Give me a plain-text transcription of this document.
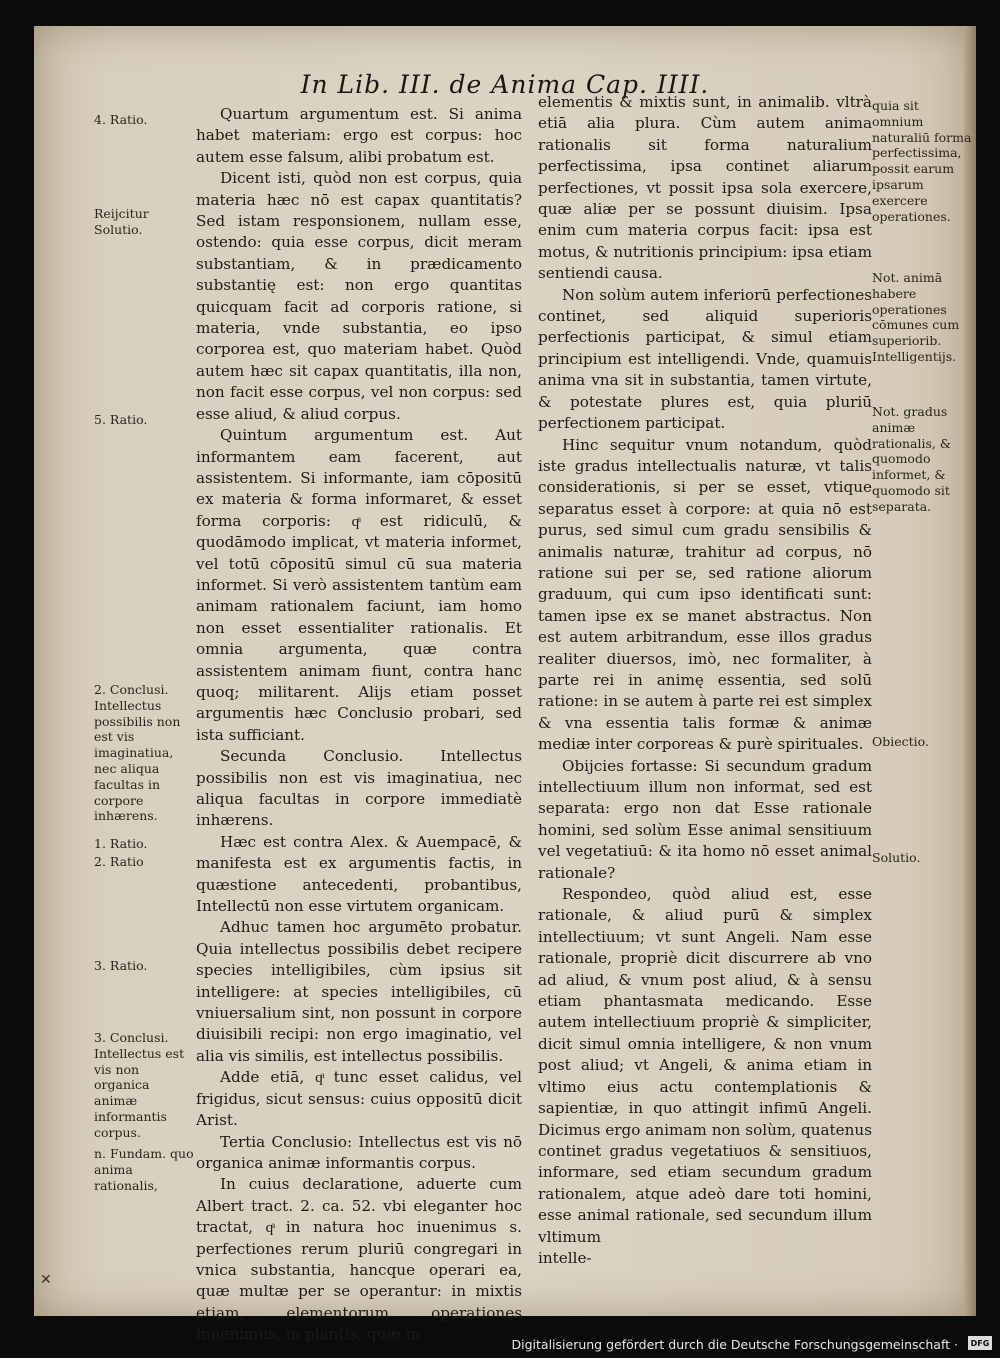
In Lib. III. de Anima Cap. IIII.

Quartum argumentum est. Si anima habet materiam: ergo est corpus: hoc autem esse falsum, alibi probatum est.

Dicent isti, quòd non est corpus, quia materia hæc nō est capax quantitatis? Sed istam responsionem, nullam esse, ostendo: quia esse corpus, dicit meram substantiam, & in prædicamento substantię est: non ergo quantitas quicquam facit ad corporis ratione, si materia, vnde substantia, eo ipso corporea est, quo materiam habet. Quòd autem hæc sit capax quantitatis, illa non, non facit esse corpus, vel non corpus: sed esse aliud, & aliud corpus.

Quintum argumentum est. Aut informantem eam facerent, aut assistentem. Si informante, iam cōpositū ex materia & forma informaret, & esset forma corporis: qͣ est ridiculū, & quodāmodo implicat, vt materia informet, vel totū cōpositū simul cū sua materia informet. Si verò assistentem tantùm eam animam rationalem faciunt, iam homo non esset essentialiter rationalis. Et omnia argumenta, quæ contra assistentem animam fiunt, contra hanc quoq; militarent. Alijs etiam posset argumentis hæc Conclusio probari, sed ista sufficiant.

Secunda Conclusio. Intellectus possibilis non est vis imaginatiua, nec aliqua facultas in corpore immediatè inhærens.

Hæc est contra Alex. & Auempacē, & manifesta est ex argumentis factis, in quæstione antecedenti, probantibus, Intellectū non esse virtutem organicam.

Adhuc tamen hoc argumēto probatur. Quia intellectus possibilis debet recipere species intelligibiles, cùm ipsius sit intelligere: at species intelligibiles, cū vniuersalium sint, non possunt in corpore diuisibili recipi: non ergo imaginatio, vel alia vis similis, est intellectus possibilis.

Adde etiā, qͣ tunc esset calidus, vel frigidus, sicut sensus: cuius oppositū dicit Arist.

Tertia Conclusio: Intellectus est vis nō organica animæ informantis corpus.

In cuius declaratione, aduerte cum Albert tract. 2. ca. 52. vbi eleganter hoc tractat, qͣ in natura hoc inuenimus s. perfectiones rerum pluriū congregari in vnica substantia, hancque operari ea, quæ multæ per se operantur: in mixtis etiam, elementorum operationes inuenimus, in plantis, quæ in

elementis & mixtis sunt, in animalib. vltrà etiā alia plura. Cùm autem anima rationalis sit forma naturalium perfectissima, ipsa continet aliarum perfectiones, vt possit ipsa sola exercere, quæ aliæ per se possunt diuisim. Ipsa enim cum materia corpus facit: ipsa est motus, & nutritionis principium: ipsa etiam sentiendi causa.

Non solùm autem inferiorū perfectiones continet, sed aliquid superioris perfectionis participat, & simul etiam principium est intelligendi. Vnde, quamuis anima vna sit in substantia, tamen virtute, & potestate plures est, quia pluriū perfectionem participat.

Hinc sequitur vnum notandum, quòd iste gradus intellectualis naturæ, vt talis considerationis, si per se esset, vtique separatus esset à corpore: at quia nō est purus, sed simul cum gradu sensibilis & animalis naturæ, trahitur ad corpus, nō ratione sui per se, sed ratione aliorum graduum, qui cum ipso identificati sunt: tamen ipse ex se manet abstractus. Non est autem arbitrandum, esse illos gradus realiter diuersos, imò, nec formaliter, à parte rei in animę essentia, sed solū ratione: in se autem à parte rei est simplex & vna essentia talis formæ & animæ mediæ inter corporeas & purè spirituales.

Obijcies fortasse: Si secundum gradum intellectiuum illum non informat, sed est separata: ergo non dat Esse rationale homini, sed solùm Esse animal sensitiuum vel vegetatiuū: & ita homo nō esset animal rationale?

Respondeo, quòd aliud est, esse rationale, & aliud purū & simplex intellectiuum; vt sunt Angeli. Nam esse rationale, propriè dicit discurrere ab vno ad aliud, & vnum post aliud, & à sensu etiam phantasmata medicando. Esse autem intellectiuum propriè & simpliciter, dicit simul omnia intelligere, & non vnum post aliud; vt Angeli, & anima etiam in vltimo eius actu contemplationis & sapientiæ, in quo attingit infimū Angeli. Dicimus ergo animam non solùm, quatenus continet gradus vegetatiuos & sensitiuos, informare, sed etiam secundum gradum rationalem, atque adeò dare toti homini, esse animal rationale, sed secundum illum vltimum

intelle-

4. Ratio.
Reijcitur Solutio.
5. Ratio.
2. Conclusi. Intellectus possibilis non est vis imaginatiua, nec aliqua facultas in corpore inhærens.
1. Ratio.
2. Ratio
3. Ratio.
3. Conclusi. Intellectus est vis non organica animæ informantis corpus.
n. Fundam. quo anima rationalis,
quia sit omnium naturaliū forma perfectissima, possit earum ipsarum exercere operationes.
Not. animā habere operationes cōmunes cum superiorib. Intelligentijs.
Not. gradus animæ rationalis, & quomodo informet, & quomodo sit separata.
Obiectio.
Solutio.
✕
Digitalisierung gefördert durch die Deutsche Forschungsgemeinschaft ·	DFG
